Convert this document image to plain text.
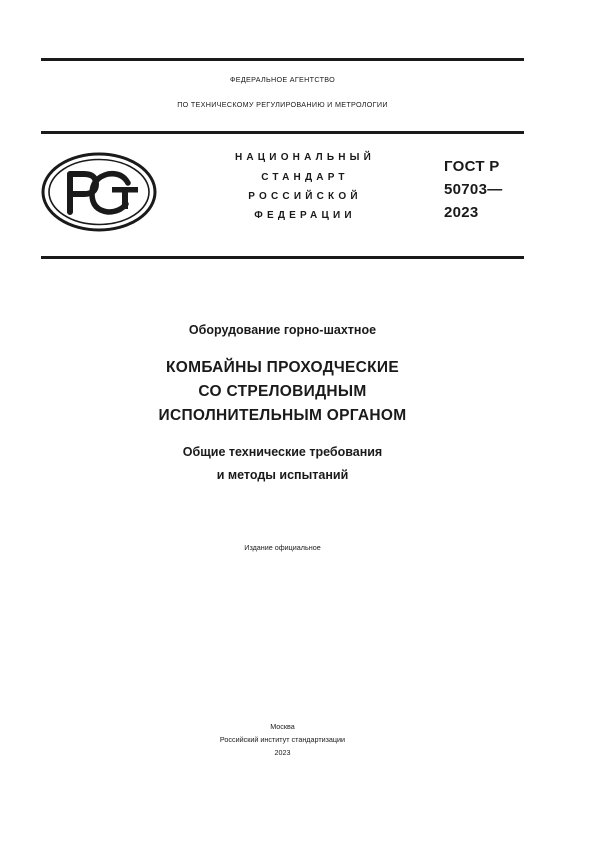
ФЕДЕРАЛЬНОЕ АГЕНТСТВО
ПО ТЕХНИЧЕСКОМУ РЕГУЛИРОВАНИЮ И МЕТРОЛОГИИ
НАЦИОНАЛЬНЫЙ
СТАНДАРТ
РОССИЙСКОЙ
ФЕДЕРАЦИИ
ГОСТ Р
50703—
2023
Оборудование горно-шахтное
КОМБАЙНЫ ПРОХОДЧЕСКИЕ
СО СТРЕЛОВИДНЫМ
ИСПОЛНИТЕЛЬНЫМ ОРГАНОМ
Общие технические требования
и методы испытаний
Издание официальное
Москва
Российский институт стандартизации
2023
